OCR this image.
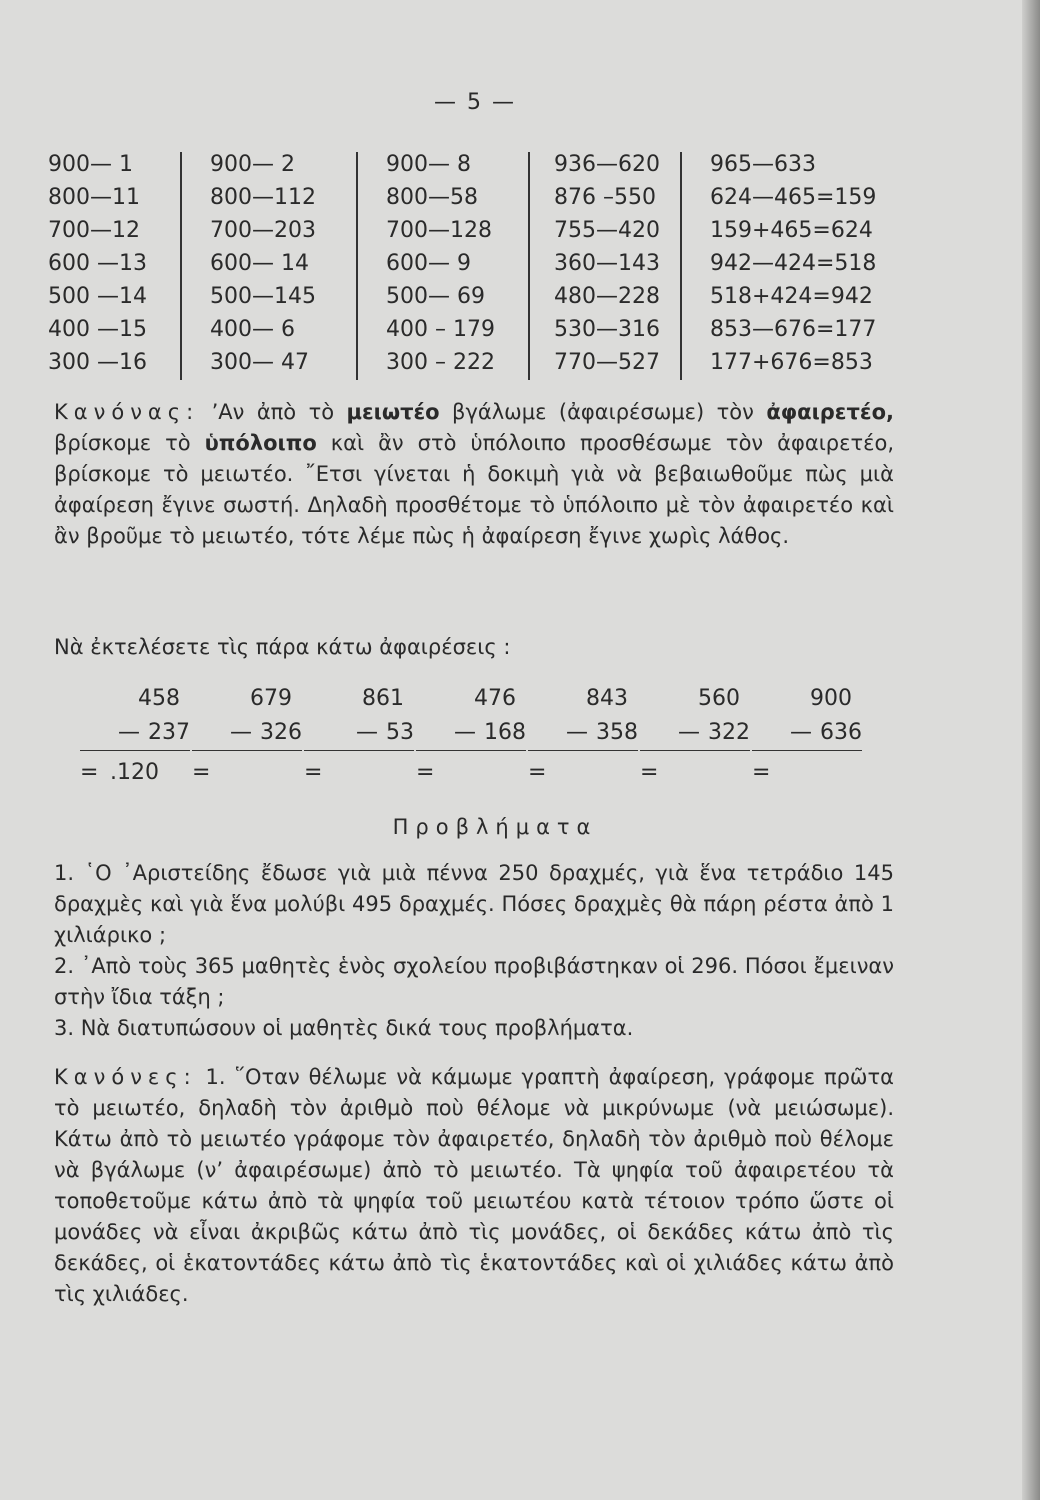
— 5 —
900— 1
800—11
700—12
600 —13
500 —14
400 —15
300 —16
900— 2
800—112
700—203
600— 14
500—145
400— 6
300— 47
900— 8
800—58
700—128
600— 9
500— 69
400 – 179
300 – 222
936—620
876 –550
755—420
360—143
480—228
530—316
770—527
965—633
624—465=159
159+465=624
942—424=518
518+424=942
853—676=177
177+676=853

Κανόνας: ’Αν ἀπὸ τὸ μειωτέο βγάλωμε (ἀφαιρέσωμε) τὸν ἀφαιρετέο, βρίσκομε τὸ ὑπόλοιπο καὶ ἂν στὸ ὑπόλοιπο προσθέσωμε τὸν ἀφαιρετέο, βρίσκομε τὸ μειωτέο. ῎Ετσι γίνεται ἡ δοκιμὴ γιὰ νὰ βεβαιωθοῦμε πὼς μιὰ ἀφαίρεση ἔγινε σωστή. Δηλαδὴ προσθέτομε τὸ ὑπόλοιπο μὲ τὸν ἀφαιρετέο καὶ ἂν βροῦμε τὸ μειωτέο, τότε λέμε πὼς ἡ ἀφαίρεση ἔγινε χωρὶς λάθος.

Νὰ ἐκτελέσετε τὶς πάρα κάτω ἀφαιρέσεις :

458
— 237
= .120
679
— 326
=
861
— 53
=
476
— 168
=
843
— 358
=
560
— 322
=
900
— 636
=
Προβλήματα

1. ῾Ο ᾿Αριστείδης ἔδωσε γιὰ μιὰ πέννα 250 δραχμές, γιὰ ἕνα τετράδιο 145 δραχμὲς καὶ γιὰ ἕνα μολύβι 495 δραχμές. Πόσες δραχμὲς θὰ πάρη ρέστα ἀπὸ 1 χιλιάρικο ;

2. ᾿Απὸ τοὺς 365 μαθητὲς ἑνὸς σχολείου προβιβάστηκαν οἱ 296. Πόσοι ἔμειναν στὴν ἴδια τάξη ;

3. Νὰ διατυπώσουν οἱ μαθητὲς δικά τους προβλήματα.

Κανόνες: 1. ῞Οταν θέλωμε νὰ κάμωμε γραπτὴ ἀφαίρεση, γράφομε πρῶτα τὸ μειωτέο, δηλαδὴ τὸν ἀριθμὸ ποὺ θέλομε νὰ μικρύνωμε (νὰ μειώσωμε). Κάτω ἀπὸ τὸ μειωτέο γράφομε τὸν ἀφαιρετέο, δηλαδὴ τὸν ἀριθμὸ ποὺ θέλομε νὰ βγάλωμε (ν’ ἀφαιρέσωμε) ἀπὸ τὸ μειωτέο. Τὰ ψηφία τοῦ ἀφαιρετέου τὰ τοποθετοῦμε κάτω ἀπὸ τὰ ψηφία τοῦ μειωτέου κατὰ τέτοιον τρόπο ὥστε οἱ μονάδες νὰ εἶναι ἀκριβῶς κάτω ἀπὸ τὶς μονάδες, οἱ δεκάδες κάτω ἀπὸ τὶς δεκάδες, οἱ ἑκατοντάδες κάτω ἀπὸ τὶς ἑκατοντάδες καὶ οἱ χιλιάδες κάτω ἀπὸ τὶς χιλιάδες.
